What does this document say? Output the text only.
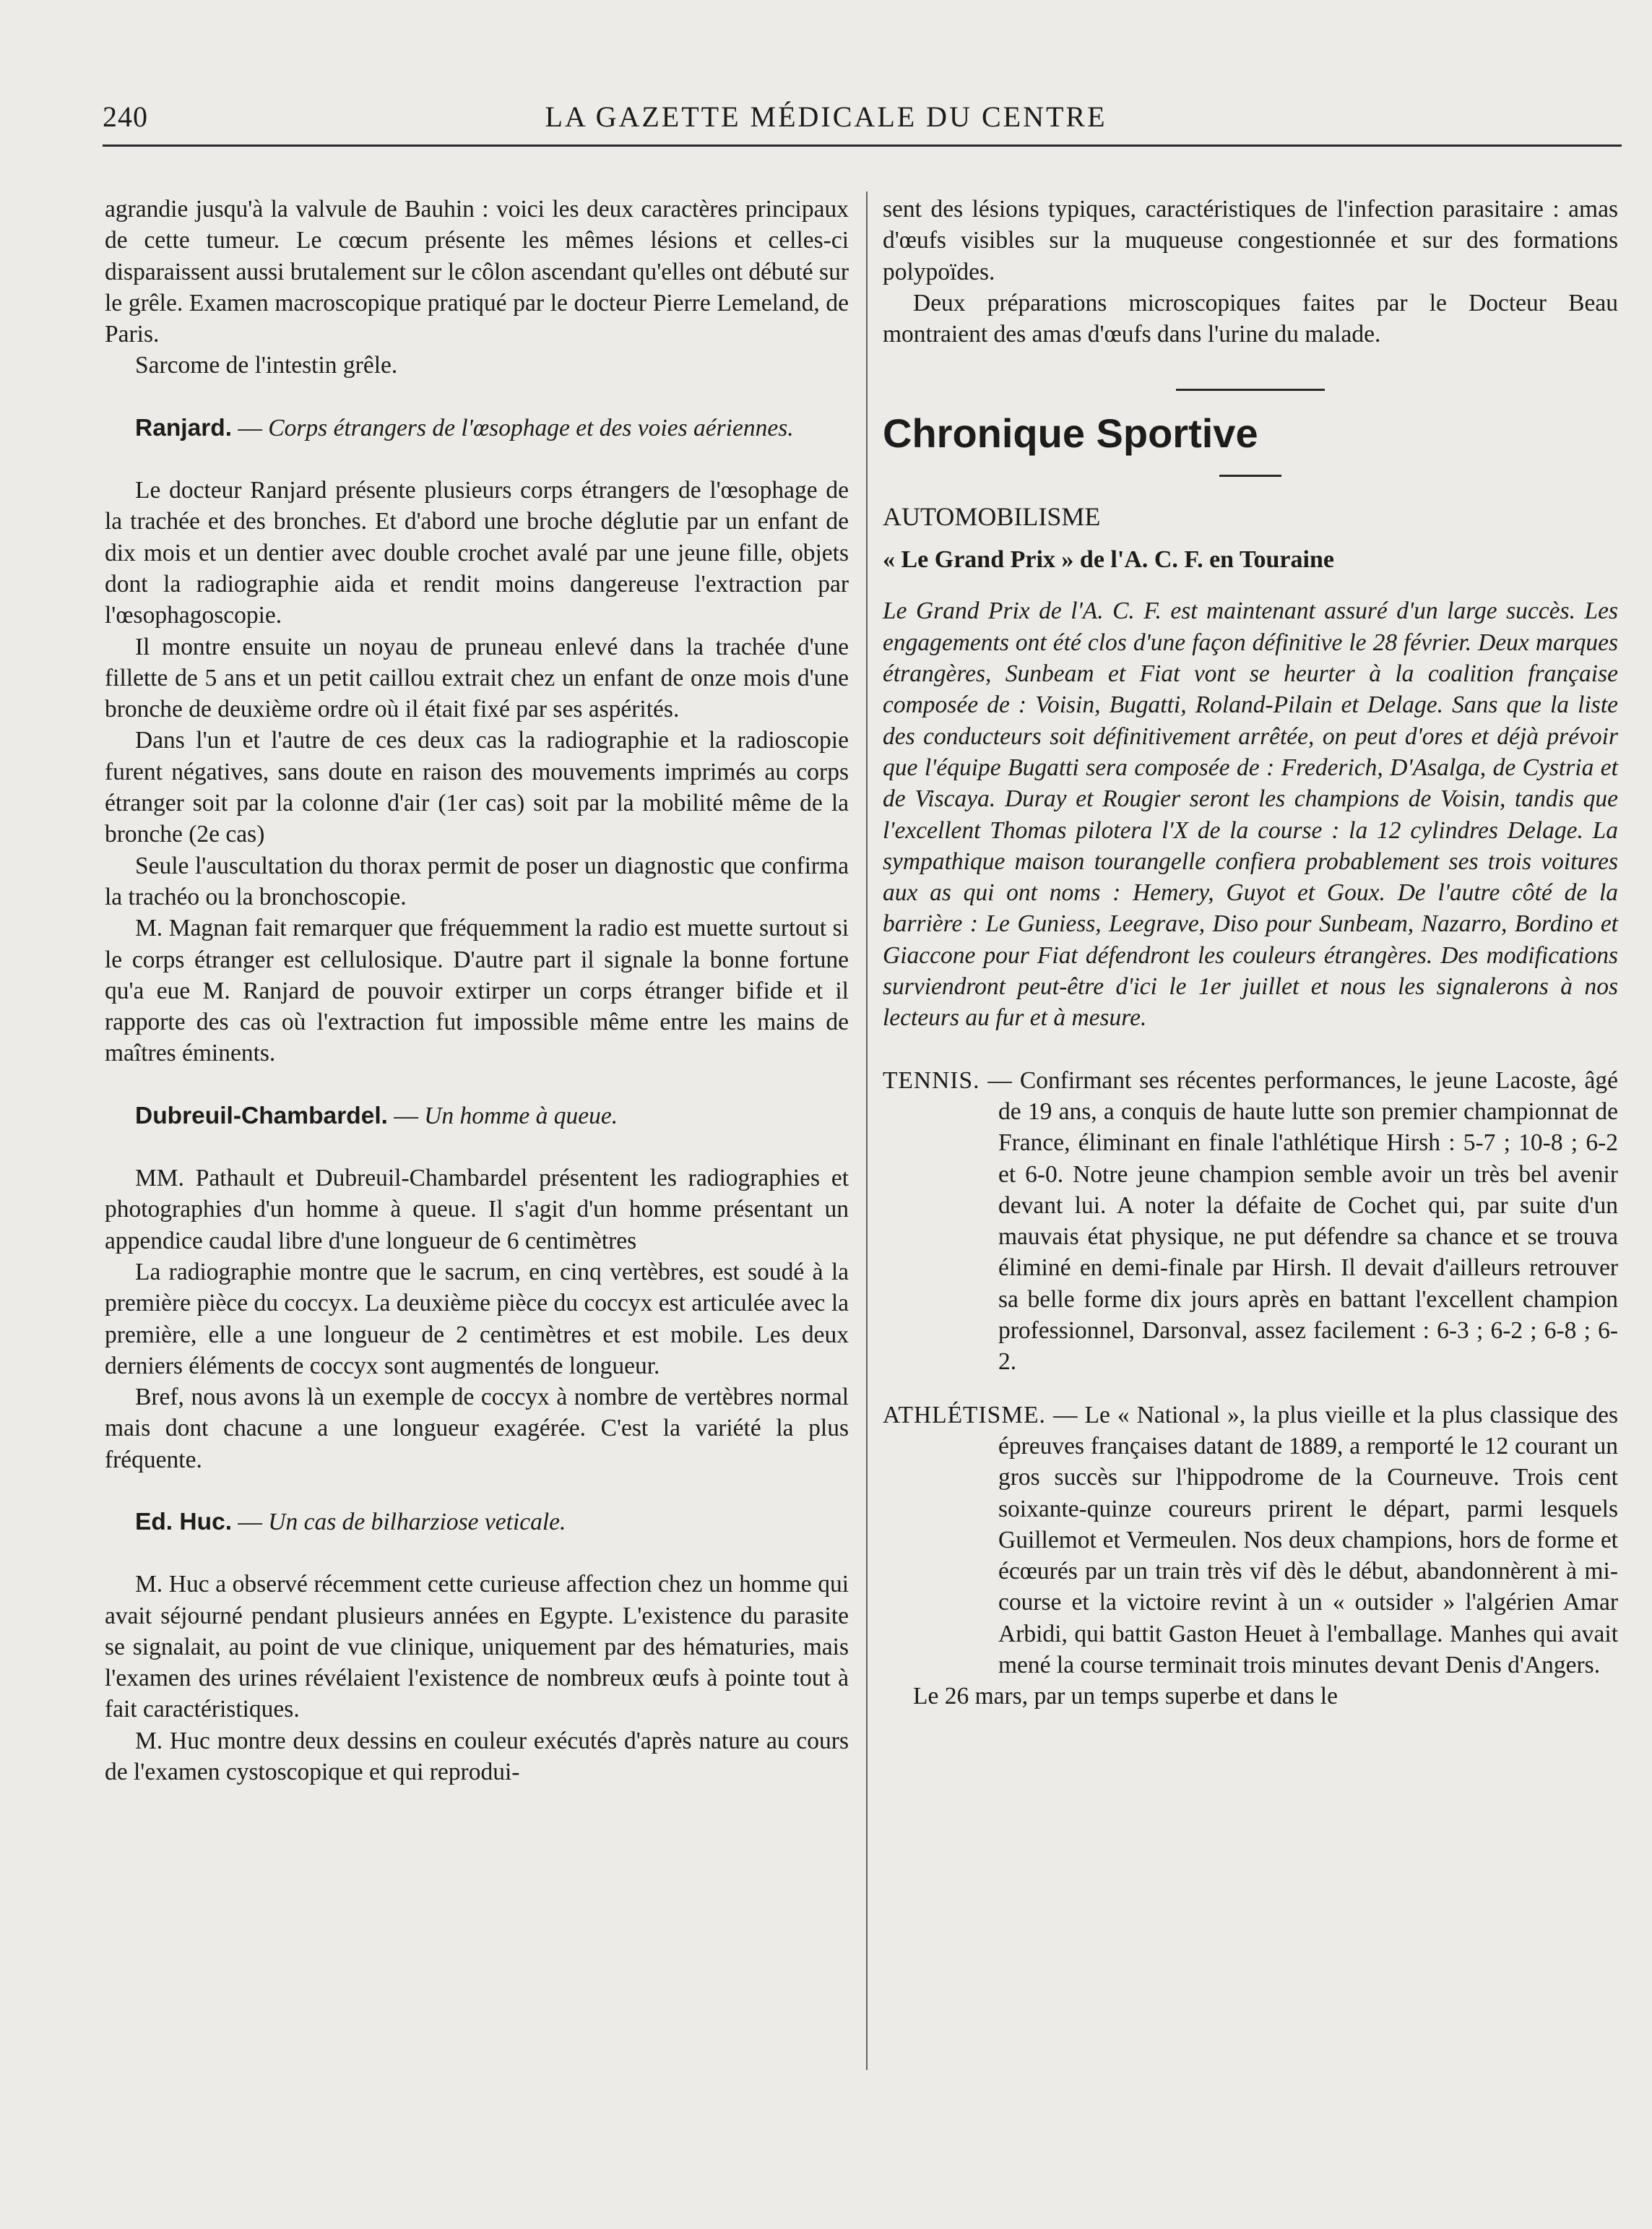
240	LA GAZETTE MÉDICALE DU CENTRE

agrandie jusqu'à la valvule de Bauhin : voici les deux caractères principaux de cette tumeur. Le cœcum présente les mêmes lésions et celles-ci disparaissent aussi brutalement sur le côlon ascendant qu'elles ont débuté sur le grêle. Examen macroscopique pratiqué par le docteur Pierre Lemeland, de Paris.

Sarcome de l'intestin grêle.

Ranjard. — Corps étrangers de l'œsophage et des voies aériennes.

Le docteur Ranjard présente plusieurs corps étrangers de l'œsophage de la trachée et des bronches. Et d'abord une broche déglutie par un enfant de dix mois et un dentier avec double crochet avalé par une jeune fille, objets dont la radiographie aida et rendit moins dangereuse l'extraction par l'œsophagoscopie.

Il montre ensuite un noyau de pruneau enlevé dans la trachée d'une fillette de 5 ans et un petit caillou extrait chez un enfant de onze mois d'une bronche de deuxième ordre où il était fixé par ses aspérités.

Dans l'un et l'autre de ces deux cas la radiographie et la radioscopie furent négatives, sans doute en raison des mouvements imprimés au corps étranger soit par la colonne d'air (1er cas) soit par la mobilité même de la bronche (2e cas)

Seule l'auscultation du thorax permit de poser un diagnostic que confirma la trachéo ou la bronchoscopie.

M. Magnan fait remarquer que fréquemment la radio est muette surtout si le corps étranger est cellulosique. D'autre part il signale la bonne fortune qu'a eue M. Ranjard de pouvoir extirper un corps étranger bifide et il rapporte des cas où l'extraction fut impossible même entre les mains de maîtres éminents.

Dubreuil-Chambardel. — Un homme à queue.

MM. Pathault et Dubreuil-Chambardel présentent les radiographies et photographies d'un homme à queue. Il s'agit d'un homme présentant un appendice caudal libre d'une longueur de 6 centimètres

La radiographie montre que le sacrum, en cinq vertèbres, est soudé à la première pièce du coccyx. La deuxième pièce du coccyx est articulée avec la première, elle a une longueur de 2 centimètres et est mobile. Les deux derniers éléments de coccyx sont augmentés de longueur.

Bref, nous avons là un exemple de coccyx à nombre de vertèbres normal mais dont chacune a une longueur exagérée. C'est la variété la plus fréquente.

Ed. Huc. — Un cas de bilharziose veticale.

M. Huc a observé récemment cette curieuse affection chez un homme qui avait séjourné pendant plusieurs années en Egypte. L'existence du parasite se signalait, au point de vue clinique, uniquement par des hématuries, mais l'examen des urines révélaient l'existence de nombreux œufs à pointe tout à fait caractéristiques.

M. Huc montre deux dessins en couleur exécutés d'après nature au cours de l'examen cystoscopique et qui reprodui-

sent des lésions typiques, caractéristiques de l'infection parasitaire : amas d'œufs visibles sur la muqueuse congestionnée et sur des formations polypoïdes.

Deux préparations microscopiques faites par le Docteur Beau montraient des amas d'œufs dans l'urine du malade.

Chronique Sportive

AUTOMOBILISME

« Le Grand Prix » de l'A. C. F. en Touraine

Le Grand Prix de l'A. C. F. est maintenant assuré d'un large succès. Les engagements ont été clos d'une façon définitive le 28 février. Deux marques étrangères, Sunbeam et Fiat vont se heurter à la coalition française composée de : Voisin, Bugatti, Roland-Pilain et Delage. Sans que la liste des conducteurs soit définitivement arrêtée, on peut d'ores et déjà prévoir que l'équipe Bugatti sera composée de : Frederich, D'Asalga, de Cystria et de Viscaya. Duray et Rougier seront les champions de Voisin, tandis que l'excellent Thomas pilotera l'X de la course : la 12 cylindres Delage. La sympathique maison tourangelle confiera probablement ses trois voitures aux as qui ont noms : Hemery, Guyot et Goux. De l'autre côté de la barrière : Le Guniess, Leegrave, Diso pour Sunbeam, Nazarro, Bordino et Giaccone pour Fiat défendront les couleurs étrangères. Des modifications surviendront peut-être d'ici le 1er juillet et nous les signalerons à nos lecteurs au fur et à mesure.

TENNIS. — Confirmant ses récentes performances, le jeune Lacoste, âgé de 19 ans, a conquis de haute lutte son premier championnat de France, éliminant en finale l'athlétique Hirsh : 5-7 ; 10-8 ; 6-2 et 6-0. Notre jeune champion semble avoir un très bel avenir devant lui. A noter la défaite de Cochet qui, par suite d'un mauvais état physique, ne put défendre sa chance et se trouva éliminé en demi-finale par Hirsh. Il devait d'ailleurs retrouver sa belle forme dix jours après en battant l'excellent champion professionnel, Darsonval, assez facilement : 6-3 ; 6-2 ; 6-8 ; 6-2.

ATHLÉTISME. — Le « National », la plus vieille et la plus classique des épreuves françaises datant de 1889, a remporté le 12 courant un gros succès sur l'hippodrome de la Courneuve. Trois cent soixante-quinze coureurs prirent le départ, parmi lesquels Guillemot et Vermeulen. Nos deux champions, hors de forme et écœurés par un train très vif dès le début, abandonnèrent à mi-course et la victoire revint à un « outsider » l'algérien Amar Arbidi, qui battit Gaston Heuet à l'emballage. Manhes qui avait mené la course terminait trois minutes devant Denis d'Angers.

Le 26 mars, par un temps superbe et dans le
